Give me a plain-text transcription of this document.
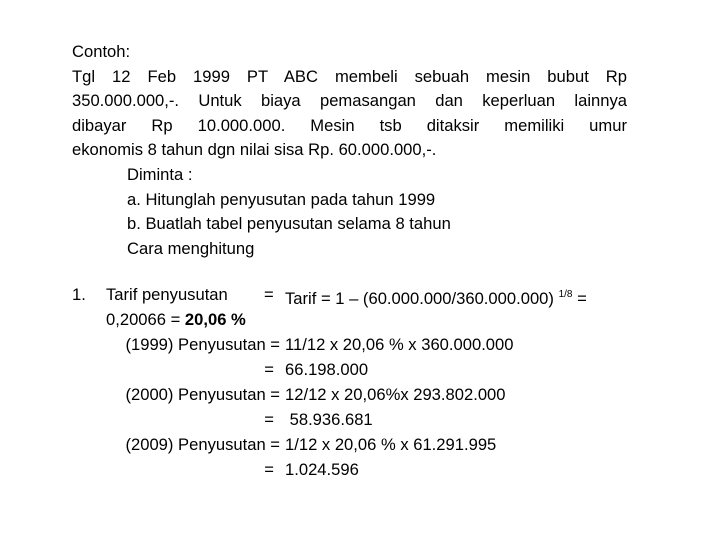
Contoh:
Tgl 12 Feb 1999 PT ABC membeli sebuah mesin bubut Rp
350.000.000,-. Untuk biaya pemasangan dan keperluan lainnya
dibayar Rp 10.000.000. Mesin tsb ditaksir memiliki umur
ekonomis 8 tahun dgn nilai sisa Rp. 60.000.000,-.
Diminta :
a. Hitunglah penyusutan pada tahun 1999
b. Buatlah tabel penyusutan selama 8 tahun
Cara menghitung
1. Tarif penyusutan = Tarif = 1 – (60.000.000/360.000.000) $^{1/8}$ =
0,20066 = 20,06 %
(1999) Penyusutan = 11/12 x 20,06 % x 360.000.000
= 66.198.000
(2000) Penyusutan = 12/12 x 20,06%x 293.802.000
= 58.936.681
(2009) Penyusutan = 1/12 x 20,06 % x 61.291.995
= 1.024.596
